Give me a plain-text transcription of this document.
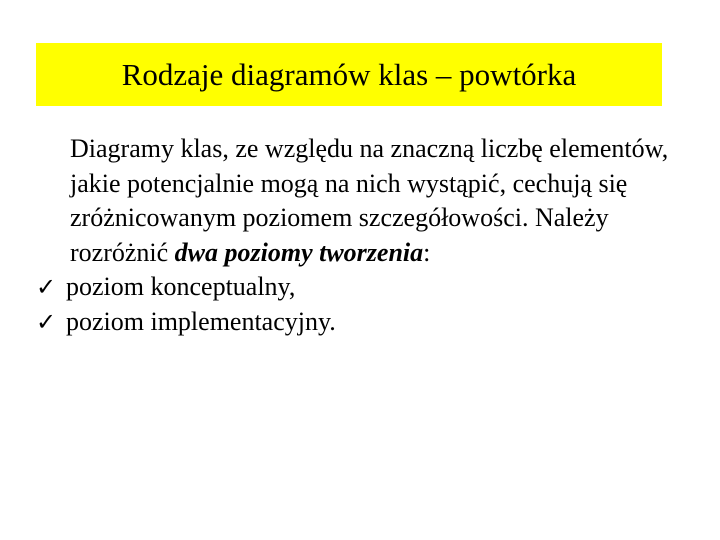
Rodzaje diagramów klas – powtórka

Diagramy klas, ze względu na znaczną liczbę elementów, jakie potencjalnie mogą na nich wystąpić, cechują się zróżnicowanym poziomem szczegółowości. Należy rozróżnić dwa poziomy tworzenia:

✓ poziom konceptualny,
✓ poziom implementacyjny.
